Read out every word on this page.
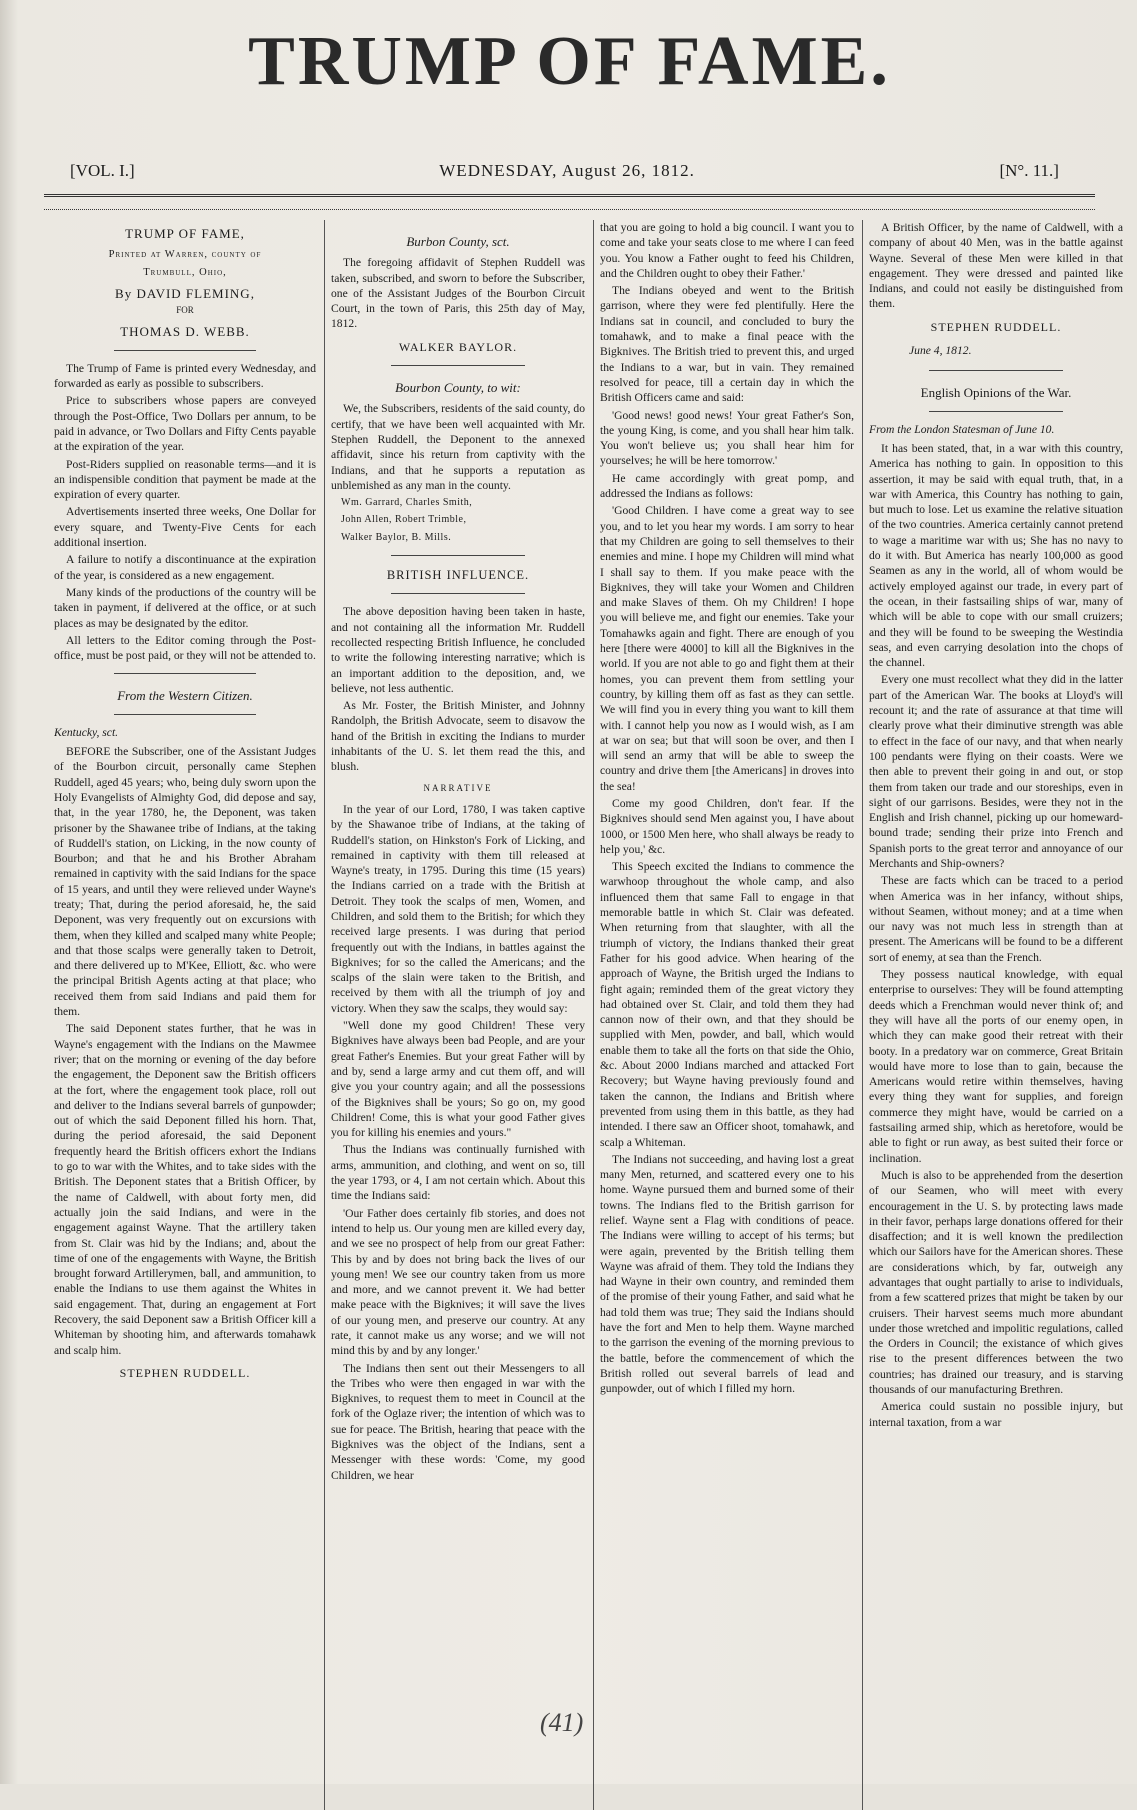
TRUMP OF FAME.
[VOL. I.]	WEDNESDAY, August 26, 1812.	[N°. 11.]
TRUMP OF FAME,
Printed at Warren, county of
Trumbull, Ohio,
By DAVID FLEMING,
FOR
THOMAS D. WEBB.

The Trump of Fame is printed every Wednesday, and forwarded as early as possible to subscribers.

Price to subscribers whose papers are conveyed through the Post-Office, Two Dollars per annum, to be paid in advance, or Two Dollars and Fifty Cents payable at the expiration of the year.

Post-Riders supplied on reasonable terms—and it is an indispensible condition that payment be made at the expiration of every quarter.

Advertisements inserted three weeks, One Dollar for every square, and Twenty-Five Cents for each additional insertion.

A failure to notify a discontinuance at the expiration of the year, is considered as a new engagement.

Many kinds of the productions of the country will be taken in payment, if delivered at the office, or at such places as may be designated by the editor.

All letters to the Editor coming through the Post-office, must be post paid, or they will not be attended to.

From the Western Citizen.
Kentucky, sct.

BEFORE the Subscriber, one of the Assistant Judges of the Bourbon circuit, personally came Stephen Ruddell, aged 45 years; who, being duly sworn upon the Holy Evangelists of Almighty God, did depose and say, that, in the year 1780, he, the Deponent, was taken prisoner by the Shawanee tribe of Indians, at the taking of Ruddell's station, on Licking, in the now county of Bourbon; and that he and his Brother Abraham remained in captivity with the said Indians for the space of 15 years, and until they were relieved under Wayne's treaty; That, during the period aforesaid, he, the said Deponent, was very frequently out on excursions with them, when they killed and scalped many white People; and that those scalps were generally taken to Detroit, and there delivered up to M'Kee, Elliott, &c. who were the principal British Agents acting at that place; who received them from said Indians and paid them for them.

The said Deponent states further, that he was in Wayne's engagement with the Indians on the Mawmee river; that on the morning or evening of the day before the engagement, the Deponent saw the British officers at the fort, where the engagement took place, roll out and deliver to the Indians several barrels of gunpowder; out of which the said Deponent filled his horn. That, during the period aforesaid, the said Deponent frequently heard the British officers exhort the Indians to go to war with the Whites, and to take sides with the British. The Deponent states that a British Officer, by the name of Caldwell, with about forty men, did actually join the said Indians, and were in the engagement against Wayne. That the artillery taken from St. Clair was hid by the Indians; and, about the time of one of the engagements with Wayne, the British brought forward Artillerymen, ball, and ammunition, to enable the Indians to use them against the Whites in said engagement. That, during an engagement at Fort Recovery, the said Deponent saw a British Officer kill a Whiteman by shooting him, and afterwards tomahawk and scalp him.

STEPHEN RUDDELL.
Burbon County, sct.

The foregoing affidavit of Stephen Ruddell was taken, subscribed, and sworn to before the Subscriber, one of the Assistant Judges of the Bourbon Circuit Court, in the town of Paris, this 25th day of May, 1812.

WALKER BAYLOR.
Bourbon County, to wit:

We, the Subscribers, residents of the said county, do certify, that we have been well acquainted with Mr. Stephen Ruddell, the Deponent to the annexed affidavit, since his return from captivity with the Indians, and that he supports a reputation as unblemished as any man in the county.

Wm. Garrard, Charles Smith,
John Allen, Robert Trimble,
Walker Baylor, B. Mills.
BRITISH INFLUENCE.

The above deposition having been taken in haste, and not containing all the information Mr. Ruddell recollected respecting British Influence, he concluded to write the following interesting narrative; which is an important addition to the deposition, and, we believe, not less authentic.

As Mr. Foster, the British Minister, and Johnny Randolph, the British Advocate, seem to disavow the hand of the British in exciting the Indians to murder inhabitants of the U. S. let them read the this, and blush.

NARRATIVE

In the year of our Lord, 1780, I was taken captive by the Shawanoe tribe of Indians, at the taking of Ruddell's station, on Hinkston's Fork of Licking, and remained in captivity with them till released at Wayne's treaty, in 1795. During this time (15 years) the Indians carried on a trade with the British at Detroit. They took the scalps of men, Women, and Children, and sold them to the British; for which they received large presents. I was during that period frequently out with the Indians, in battles against the Bigknives; for so the called the Americans; and the scalps of the slain were taken to the British, and received by them with all the triumph of joy and victory. When they saw the scalps, they would say:

"Well done my good Children! These very Bigknives have always been bad People, and are your great Father's Enemies. But your great Father will by and by, send a large army and cut them off, and will give you your country again; and all the possessions of the Bigknives shall be yours; So go on, my good Children! Come, this is what your good Father gives you for killing his enemies and yours."

Thus the Indians was continually furnished with arms, ammunition, and clothing, and went on so, till the year 1793, or 4, I am not certain which. About this time the Indians said:

'Our Father does certainly fib stories, and does not intend to help us. Our young men are killed every day, and we see no prospect of help from our great Father: This by and by does not bring back the lives of our young men! We see our country taken from us more and more, and we cannot prevent it. We had better make peace with the Bigknives; it will save the lives of our young men, and preserve our country. At any rate, it cannot make us any worse; and we will not mind this by and by any longer.'

The Indians then sent out their Messengers to all the Tribes who were then engaged in war with the Bigknives, to request them to meet in Council at the fork of the Oglaze river; the intention of which was to sue for peace. The British, hearing that peace with the Bigknives was the object of the Indians, sent a Messenger with these words: 'Come, my good Children, we hear

that you are going to hold a big council. I want you to come and take your seats close to me where I can feed you. You know a Father ought to feed his Children, and the Children ought to obey their Father.'

The Indians obeyed and went to the British garrison, where they were fed plentifully. Here the Indians sat in council, and concluded to bury the tomahawk, and to make a final peace with the Bigknives. The British tried to prevent this, and urged the Indians to a war, but in vain. They remained resolved for peace, till a certain day in which the British Officers came and said:

'Good news! good news! Your great Father's Son, the young King, is come, and you shall hear him talk. You won't believe us; you shall hear him for yourselves; he will be here tomorrow.'

He came accordingly with great pomp, and addressed the Indians as follows:

'Good Children. I have come a great way to see you, and to let you hear my words. I am sorry to hear that my Children are going to sell themselves to their enemies and mine. I hope my Children will mind what I shall say to them. If you make peace with the Bigknives, they will take your Women and Children and make Slaves of them. Oh my Children! I hope you will believe me, and fight our enemies. Take your Tomahawks again and fight. There are enough of you here [there were 4000] to kill all the Bigknives in the world. If you are not able to go and fight them at their homes, you can prevent them from settling your country, by killing them off as fast as they can settle. We will find you in every thing you want to kill them with. I cannot help you now as I would wish, as I am at war on sea; but that will soon be over, and then I will send an army that will be able to sweep the country and drive them [the Americans] in droves into the sea!

Come my good Children, don't fear. If the Bigknives should send Men against you, I have about 1000, or 1500 Men here, who shall always be ready to help you,' &c.

This Speech excited the Indians to commence the warwhoop throughout the whole camp, and also influenced them that same Fall to engage in that memorable battle in which St. Clair was defeated. When returning from that slaughter, with all the triumph of victory, the Indians thanked their great Father for his good advice. When hearing of the approach of Wayne, the British urged the Indians to fight again; reminded them of the great victory they had obtained over St. Clair, and told them they had cannon now of their own, and that they should be supplied with Men, powder, and ball, which would enable them to take all the forts on that side the Ohio, &c. About 2000 Indians marched and attacked Fort Recovery; but Wayne having previously found and taken the cannon, the Indians and British where prevented from using them in this battle, as they had intended. I there saw an Officer shoot, tomahawk, and scalp a Whiteman.

The Indians not succeeding, and having lost a great many Men, returned, and scattered every one to his home. Wayne pursued them and burned some of their towns. The Indians fled to the British garrison for relief. Wayne sent a Flag with conditions of peace. The Indians were willing to accept of his terms; but were again, prevented by the British telling them Wayne was afraid of them. They told the Indians they had Wayne in their own country, and reminded them of the promise of their young Father, and said what he had told them was true; They said the Indians should have the fort and Men to help them. Wayne marched to the garrison the evening of the morning previous to the battle, before the commencement of which the British rolled out several barrels of lead and gunpowder, out of which I filled my horn.

A British Officer, by the name of Caldwell, with a company of about 40 Men, was in the battle against Wayne. Several of these Men were killed in that engagement. They were dressed and painted like Indians, and could not easily be distinguished from them.

STEPHEN RUDDELL.
June 4, 1812.
English Opinions of the War.
From the London Statesman of June 10.

It has been stated, that, in a war with this country, America has nothing to gain. In opposition to this assertion, it may be said with equal truth, that, in a war with America, this Country has nothing to gain, but much to lose. Let us examine the relative situation of the two countries. America certainly cannot pretend to wage a maritime war with us; She has no navy to do it with. But America has nearly 100,000 as good Seamen as any in the world, all of whom would be actively employed against our trade, in every part of the ocean, in their fastsailing ships of war, many of which will be able to cope with our small cruizers; and they will be found to be sweeping the Westindia seas, and even carrying desolation into the chops of the channel.

Every one must recollect what they did in the latter part of the American War. The books at Lloyd's will recount it; and the rate of assurance at that time will clearly prove what their diminutive strength was able to effect in the face of our navy, and that when nearly 100 pendants were flying on their coasts. Were we then able to prevent their going in and out, or stop them from taken our trade and our storeships, even in sight of our garrisons. Besides, were they not in the English and Irish channel, picking up our homeward-bound trade; sending their prize into French and Spanish ports to the great terror and annoyance of our Merchants and Ship-owners?

These are facts which can be traced to a period when America was in her infancy, without ships, without Seamen, without money; and at a time when our navy was not much less in strength than at present. The Americans will be found to be a different sort of enemy, at sea than the French.

They possess nautical knowledge, with equal enterprise to ourselves: They will be found attempting deeds which a Frenchman would never think of; and they will have all the ports of our enemy open, in which they can make good their retreat with their booty. In a predatory war on commerce, Great Britain would have more to lose than to gain, because the Americans would retire within themselves, having every thing they want for supplies, and foreign commerce they might have, would be carried on a fastsailing armed ship, which as heretofore, would be able to fight or run away, as best suited their force or inclination.

Much is also to be apprehended from the desertion of our Seamen, who will meet with every encouragement in the U. S. by protecting laws made in their favor, perhaps large donations offered for their disaffection; and it is well known the predilection which our Sailors have for the American shores. These are considerations which, by far, outweigh any advantages that ought partially to arise to individuals, from a few scattered prizes that might be taken by our cruisers. Their harvest seems much more abundant under those wretched and impolitic regulations, called the Orders in Council; the existance of which gives rise to the present differences between the two countries; has drained our treasury, and is starving thousands of our manufacturing Brethren.

America could sustain no possible injury, but internal taxation, from a war

(41)
